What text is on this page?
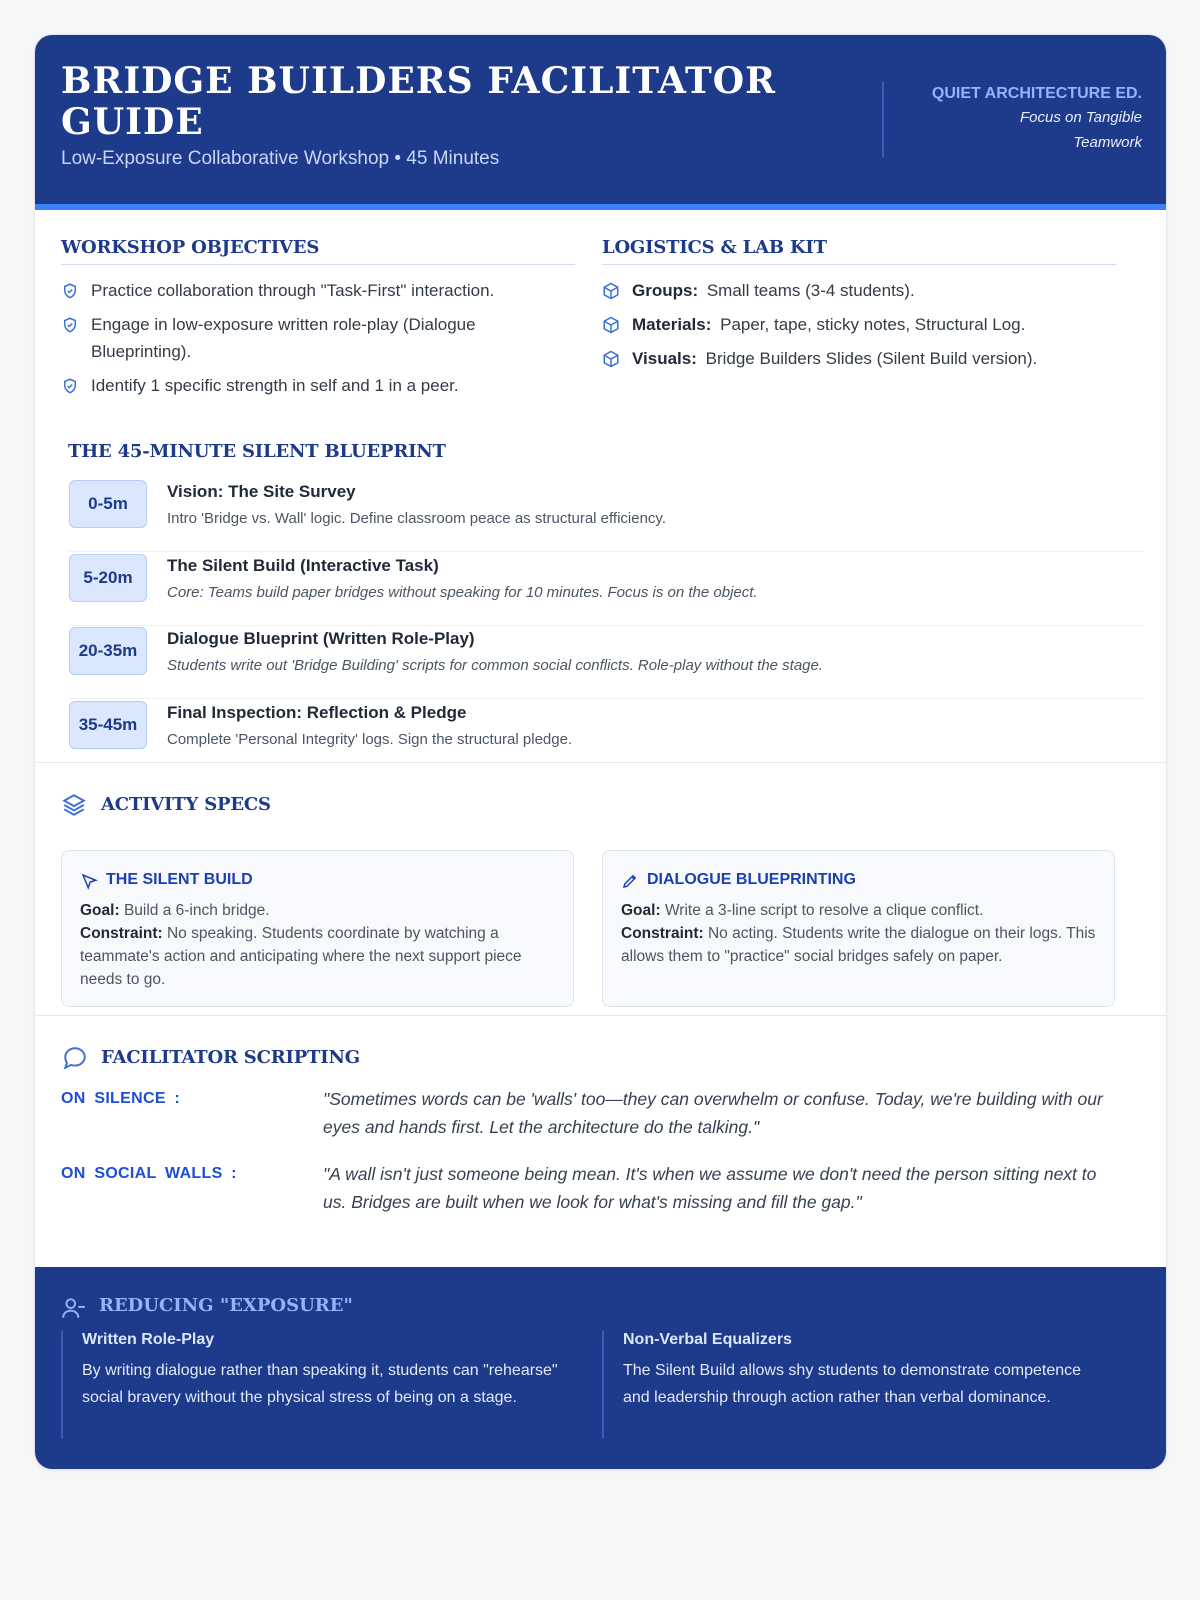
BRIDGE BUILDERS FACILITATOR GUIDE
Low-Exposure Collaborative Workshop • 45 Minutes
QUIET ARCHITECTURE ED.
Focus on Tangible Teamwork
WORKSHOP OBJECTIVES
Practice collaboration through "Task-First" interaction.
Engage in low-exposure written role-play (Dialogue Blueprinting).
Identify 1 specific strength in self and 1 in a peer.
LOGISTICS & LAB KIT
Groups: Small teams (3-4 students).
Materials: Paper, tape, sticky notes, Structural Log.
Visuals: Bridge Builders Slides (Silent Build version).
THE 45-MINUTE SILENT BLUEPRINT
0-5m
Vision: The Site Survey
Intro 'Bridge vs. Wall' logic. Define classroom peace as structural efficiency.
5-20m
The Silent Build (Interactive Task)
Core: Teams build paper bridges without speaking for 10 minutes. Focus is on the object.
20-35m
Dialogue Blueprint (Written Role-Play)
Students write out 'Bridge Building' scripts for common social conflicts. Role-play without the stage.
35-45m
Final Inspection: Reflection & Pledge
Complete 'Personal Integrity' logs. Sign the structural pledge.
ACTIVITY SPECS
THE SILENT BUILD
Goal: Build a 6-inch bridge.
Constraint: No speaking. Students coordinate by watching a teammate's action and anticipating where the next support piece needs to go.
DIALOGUE BLUEPRINTING
Goal: Write a 3-line script to resolve a clique conflict.
Constraint: No acting. Students write the dialogue on their logs. This allows them to "practice" social bridges safely on paper.
FACILITATOR SCRIPTING
ON SILENCE :	"Sometimes words can be 'walls' too—they can overwhelm or confuse. Today, we're building with our eyes and hands first. Let the architecture do the talking."
ON SOCIAL WALLS :	"A wall isn't just someone being mean. It's when we assume we don't need the person sitting next to us. Bridges are built when we look for what's missing and fill the gap."
REDUCING "EXPOSURE"
Written Role-Play
By writing dialogue rather than speaking it, students can "rehearse" social bravery without the physical stress of being on a stage.
Non-Verbal Equalizers
The Silent Build allows shy students to demonstrate competence and leadership through action rather than verbal dominance.
